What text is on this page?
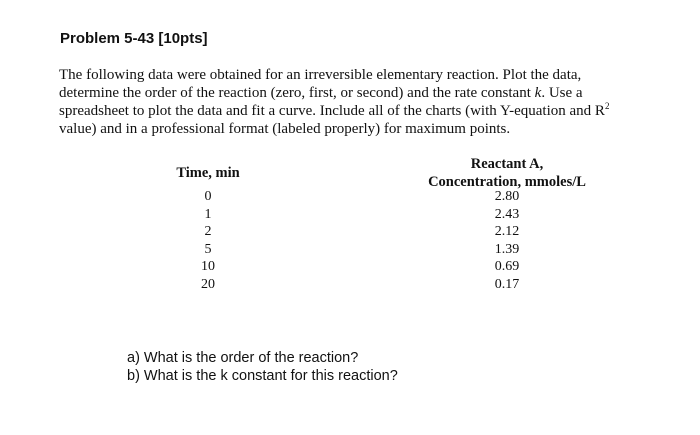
Problem 5-43 [10pts]
The following data were obtained for an irreversible elementary reaction. Plot the data,
determine the order of the reaction (zero, first, or second) and the rate constant k. Use a
spreadsheet to plot the data and fit a curve. Include all of the charts (with Y-equation and $R^2$
value) and in a professional format (labeled properly) for maximum points.
Time, min
Reactant A,
Concentration, mmoles/L
0
1
2
5
10
20
2.80
2.43
2.12
1.39
0.69
0.17
a) What is the order of the reaction?
b) What is the k constant for this reaction?
